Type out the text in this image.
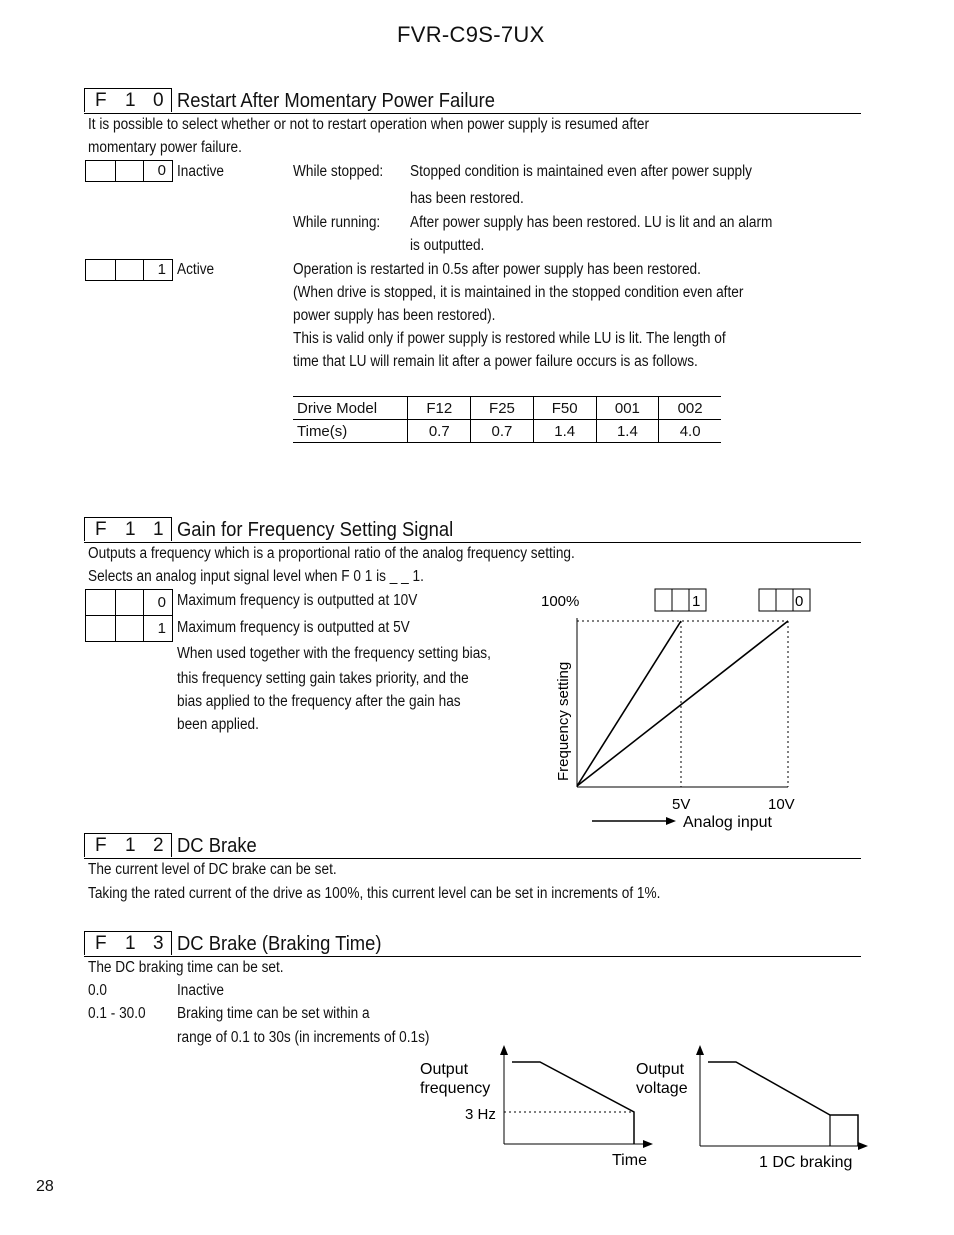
FVR-C9S-7UX
F 1 0 Restart After Momentary Power Failure
It is possible to select whether or not to restart operation when power supply is resumed after
momentary power failure.
0 Inactive	While stopped: Stopped condition is maintained even after power supply
has been restored.
While running: After power supply has been restored. LU is lit and an alarm
is outputted.
1 Active	Operation is restarted in 0.5s after power supply has been restored.
(When drive is stopped, it is maintained in the stopped condition even after
power supply has been restored).
This is valid only if power supply is restored while LU is lit. The length of
time that LU will remain lit after a power failure occurs is as follows.
Drive Model	F12	F25	F50	001	002
Time(s)	0.7	0.7	1.4	1.4	4.0
F 1 1 Gain for Frequency Setting Signal
Outputs a frequency which is a proportional ratio of the analog frequency setting.
Selects an analog input signal level when F 0 1 is _ _ 1.
0 Maximum frequency is outputted at 10V
1 Maximum frequency is outputted at 5V
When used together with the frequency setting bias,
this frequency setting gain takes priority, and the
bias applied to the frequency after the gain has
been applied.
100%
Frequency setting
1	0
5V	10V
Analog input
F 1 2 DC Brake
The current level of DC brake can be set.
Taking the rated current of the drive as 100%, this current level can be set in increments of 1%.
F 1 3 DC Brake (Braking Time)
The DC braking time can be set.
0.0	Inactive
0.1 - 30.0 Braking time can be set within a
range of 0.1 to 30s (in increments of 0.1s)
Output
frequency
3 Hz
Time
Output
voltage
1 DC braking
28
